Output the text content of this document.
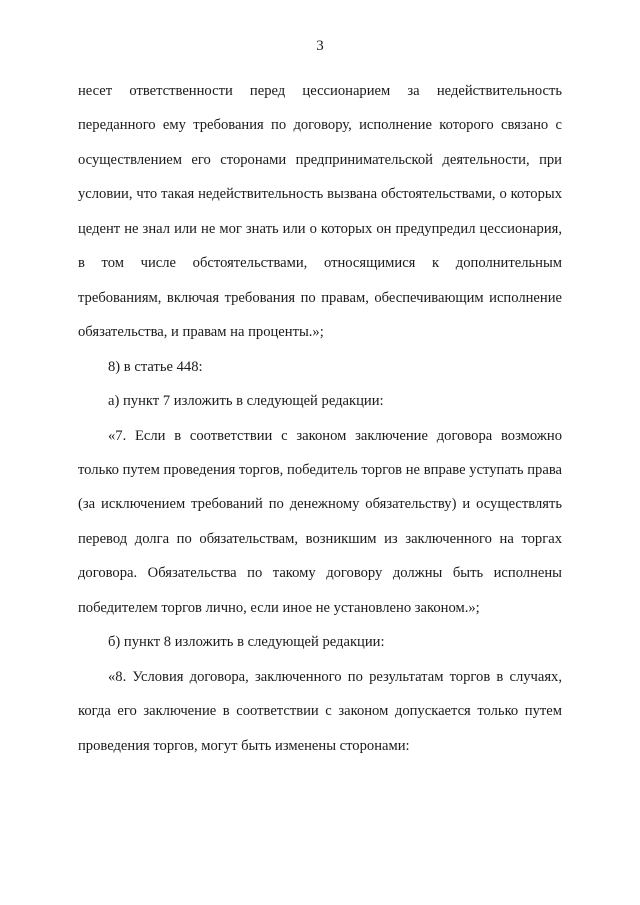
3

несет ответственности перед цессионарием за недействительность переданного ему требования по договору, исполнение которого связано с осуществлением его сторонами предпринимательской деятельности, при условии, что такая недействительность вызвана обстоятельствами, о которых цедент не знал или не мог знать или о которых он предупредил цессионария, в том числе обстоятельствами, относящимися к дополнительным требованиям, включая требования по правам, обеспечивающим исполнение обязательства, и правам на проценты.»;

8) в статье 448:

а) пункт 7 изложить в следующей редакции:

«7. Если в соответствии с законом заключение договора возможно только путем проведения торгов, победитель торгов не вправе уступать права (за исключением требований по денежному обязательству) и осуществлять перевод долга по обязательствам, возникшим из заключенного на торгах договора. Обязательства по такому договору должны быть исполнены победителем торгов лично, если иное не установлено законом.»;

б) пункт 8 изложить в следующей редакции:

«8. Условия договора, заключенного по результатам торгов в случаях, когда его заключение в соответствии с законом допускается только путем проведения торгов, могут быть изменены сторонами:
